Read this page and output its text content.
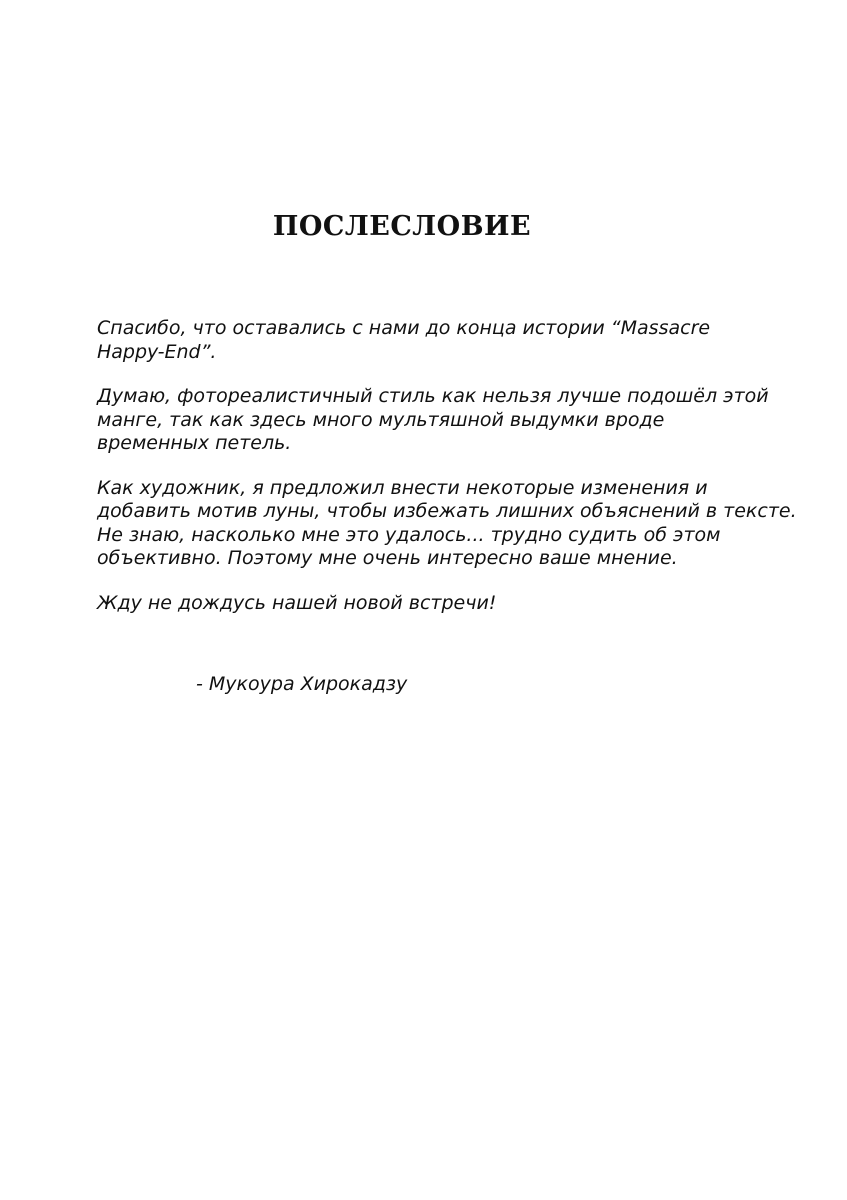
ПОСЛЕСЛОВИЕ

Спасибо, что оставались с нами до конца истории “Massacre
Happy-End”.

Думаю, фотореалистичный стиль как нельзя лучше подошёл этой
манге, так как здесь много мультяшной выдумки вроде
временных петель.

Как художник, я предложил внести некоторые изменения и
добавить мотив луны, чтобы избежать лишних объяснений в тексте.
Не знаю, насколько мне это удалось... трудно судить об этом
объективно. Поэтому мне очень интересно ваше мнение.

Жду не дождусь нашей новой встречи!

- Мукоура Хирокадзу
